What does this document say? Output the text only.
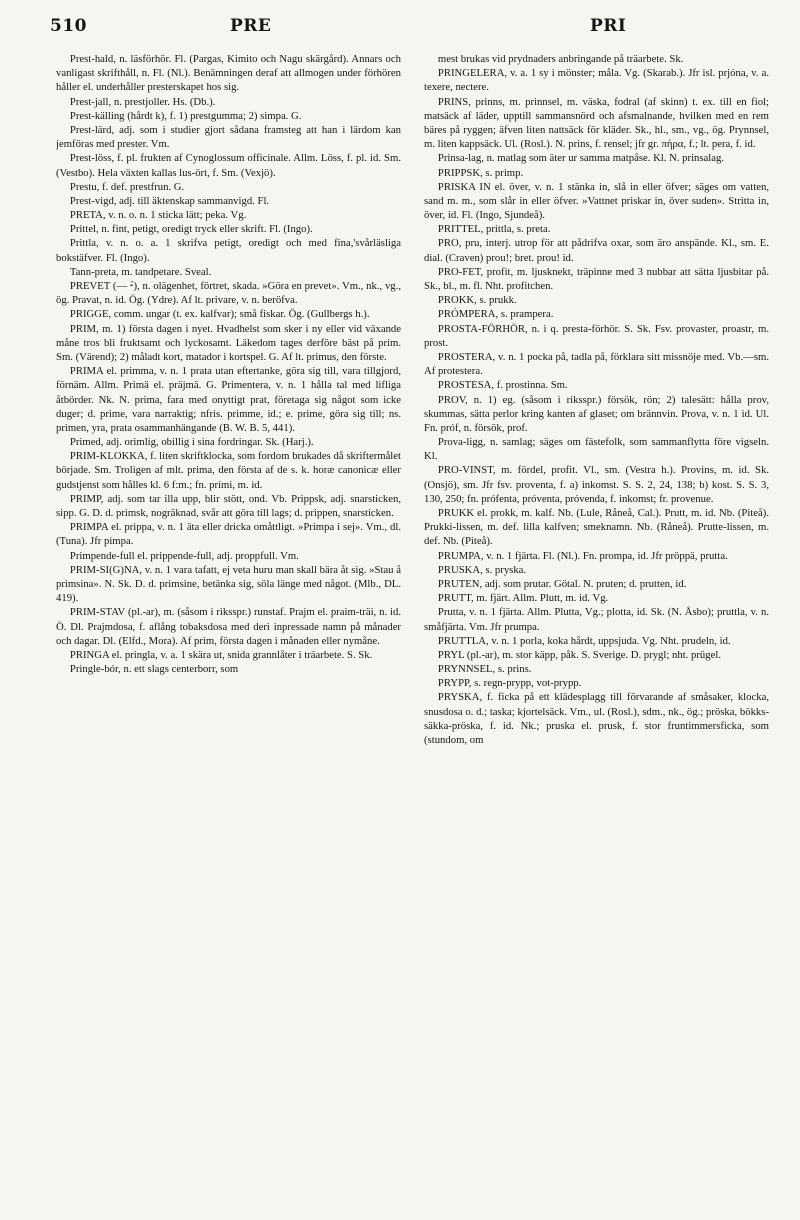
510	PRE	PRI

Prest-hald, n. läsförhör. Fl. (Pargas, Kimito och Nagu skärgård). Annars och vanligast skrifthåll, n. Fl. (Nl.). Benämningen deraf att allmogen under förhören håller el. underhåller presterskapet hos sig.

Prest-jall, n. prestjoller. Hs. (Db.).

Prest-källing (hårdt k), f. 1) prestgumma; 2) simpa. G.

Prest-lärd, adj. som i studier gjort sådana framsteg att han i lärdom kan jemföras med prester. Vm.

Prest-löss, f. pl. frukten af Cynoglossum officinale. Allm. Löss, f. pl. id. Sm. (Vestbo). Hela växten kallas lus-ört, f. Sm. (Vexjö).

Prestu, f. def. prestfrun. G.

Prest-vigd, adj. till äktenskap sammanvigd. Fl.

PRETA, v. n. o. n. 1 sticka lätt; peka. Vg.

Prittel, n. fint, petigt, oredigt tryck eller skrift. Fl. (Ingo).

Prittla, v. n. o. a. 1 skrifva petigt, oredigt och med fina,'svårläsliga bokstäfver. Fl. (Ingo).

Tann-preta, m. tandpetare. Sveal.

PREVET (— ⏑́), n. olägenhet, förtret, skada. »Göra en prevet». Vm., nk., vg., ög. Pravat, n. id. Ög. (Ydre). Af lt. privare, v. n. beröfva.

PRIGGE, comm. ungar (t. ex. kalfvar); små fiskar. Ög. (Gullbergs h.).

PRIM, m. 1) första dagen i nyet. Hvadhelst som sker i ny eller vid växande måne tros bli fruktsamt och lyckosamt. Läkedom tages derföre bäst på prim. Sm. (Värend); 2) måladt kort, matador i kortspel. G. Af lt. primus, den förste.

PRIMA el. primma, v. n. 1 prata utan eftertanke, göra sig till, vara tillgjord, förnäm. Allm. Primä el. präjmä. G. Primentera, v. n. 1 hålla tal med lifliga åtbörder. Nk. N. prima, fara med onyttigt prat, företaga sig något som icke duger; d. prime, vara narraktig; nfris. primme, id.; e. prime, göra sig till; ns. primen, yra, prata osammanhängande (B. W. B. 5, 441).

Primed, adj. orimlig, obillig i sina fordringar. Sk. (Harj.).

PRIM-KLOKKA, f. liten skriftklocka, som fordom brukades då skriftermålet började. Sm. Troligen af mlt. prima, den första af de s. k. horæ canonicæ eller gudstjenst som hålles kl. 6 f:m.; fn. prími, m. id.

PRIMP, adj. som tar illa upp, blir stött, ond. Vb. Prippsk, adj. snarsticken, sipp. G. D. d. primsk, nogräknad, svår att göra till lags; d. prippen, snarsticken.

PRIMPA el. prippa, v. n. 1 äta eller dricka omåttligt. »Primpa i sej». Vm., dl. (Tuna). Jfr pimpa.

Primpende-full el. prippende-full, adj. proppfull. Vm.

PRIM-SI(G)NA, v. n. 1 vara tafatt, ej veta huru man skall bära åt sig. »Stau å primsina». N. Sk. D. d. primsine, betänka sig, söla länge med något. (Mlb., DL. 419).

PRIM-STAV (pl.-ar), m. (såsom i riksspr.) runstaf. Prajm el. praim-träi, n. id. Ö. Dl. Prajmdosa, f. aflång tobaksdosa med deri inpressade namn på månader och dagar. Dl. (Elfd., Mora). Af prim, första dagen i månaden eller nymåne.

PRINGA el. pringla, v. a. 1 skära ut, snida grannlåter i träarbete. S. Sk.

Pringle-bór, n. ett slags centerborr, som

mest brukas vid prydnaders anbringande på träarbete. Sk.

PRINGELERA, v. a. 1 sy i mönster; måla. Vg. (Skarab.). Jfr isl. prjóna, v. a. texere, nectere.

PRINS, prinns, m. prinnsel, m. väska, fodral (af skinn) t. ex. till en fiol; matsäck af läder, upptill sammansnörd och afsmalnande, hvilken med en rem bäres på ryggen; äfven liten nattsäck för kläder. Sk., hl., sm., vg., ög. Prynnsel, m. liten kappsäck. Ul. (Rosl.). N. prins, f. rensel; jfr gr. πήρα, f.; lt. pera, f. id.

Prinsa-lag, n. matlag som äter ur samma matpåse. Kl. N. prinsalag.

PRIPPSK, s. primp.

PRISKA IN el. över, v. n. 1 stänka in, slå in eller öfver; säges om vatten, sand m. m., som slår in eller öfver. »Vattnet priskar in, över suden». Stritta in, över, id. Fl. (Ingo, Sjundeå).

PRITTEL, prittla, s. preta.

PRO, pru, interj. utrop för att pådrifva oxar, som äro anspände. Kl., sm. E. dial. (Craven) prou!; bret. prou! id.

PRO-FET, profit, m. ljusknekt, träpinne med 3 nubbar att sätta ljusbitar på. Sk., bl., m. fl. Nht. profitchen.

PROKK, s. prukk.

PRÓMPERA, s. prampera.

PROSTA-FÖRHÖR, n. i q. presta-förhör. S. Sk. Fsv. provaster, proastr, m. prost.

PROSTERA, v. n. 1 pocka på, tadla på, förklara sitt missnöje med. Vb.—sm. Af protestera.

PROSTESA, f. prostinna. Sm.

PROV, n. 1) eg. (såsom i riksspr.) försök, rön; 2) talesätt: hålla prov, skummas, sätta perlor kring kanten af glaset; om brännvin. Prova, v. n. 1 id. Ul. Fn. próf, n. försök, prof.

Prova-ligg, n. samlag; säges om fästefolk, som sammanflytta före vigseln. Kl.

PRO-VINST, m. fördel, profit. Vl., sm. (Vestra h.). Provins, m. id. Sk. (Onsjö), sm. Jfr fsv. proventa, f. a) inkomst. S. S. 2, 24, 138; b) kost. S. S. 3, 130, 250; fn. prófenta, próventa, próvenda, f. inkomst; fr. provenue.

PRUKK el. prokk, m. kalf. Nb. (Lule, Råneå, Cal.). Prutt, m. id. Nb. (Piteå). Prukki-lissen, m. def. lilla kalfven; smeknamn. Nb. (Råneå). Prutte-lissen, m. def. Nb. (Piteå).

PRUMPA, v. n. 1 fjärta. Fl. (Nl.). Fn. prompa, id. Jfr pröppä, prutta.

PRUSKA, s. pryska.

PRUTEN, adj. som prutar. Götal. N. pruten; d. prutten, id.

PRUTT, m. fjärt. Allm. Plutt, m. id. Vg.

Prutta, v. n. 1 fjärta. Allm. Plutta, Vg.; plotta, id. Sk. (N. Åsbo); pruttla, v. n. småfjärta. Vm. Jfr prumpa.

PRUTTLA, v. n. 1 porla, koka hårdt, uppsjuda. Vg. Nht. prudeln, id.

PRYL (pl.-ar), m. stor käpp, påk. S. Sverige. D. prygl; nht. prügel.

PRYNNSEL, s. prins.

PRYPP, s. regn-prypp, vot-prypp.

PRYSKA, f. ficka på ett klädesplagg till förvarande af småsaker, klocka, snusdosa o. d.; taska; kjortelsäck. Vm., ul. (Rosl.), sdm., nk., ög.; pröska, bökks-säkka-pröska, f. id. Nk.; pruska el. prusk, f. stor fruntimmersficka, som (stundom, om
